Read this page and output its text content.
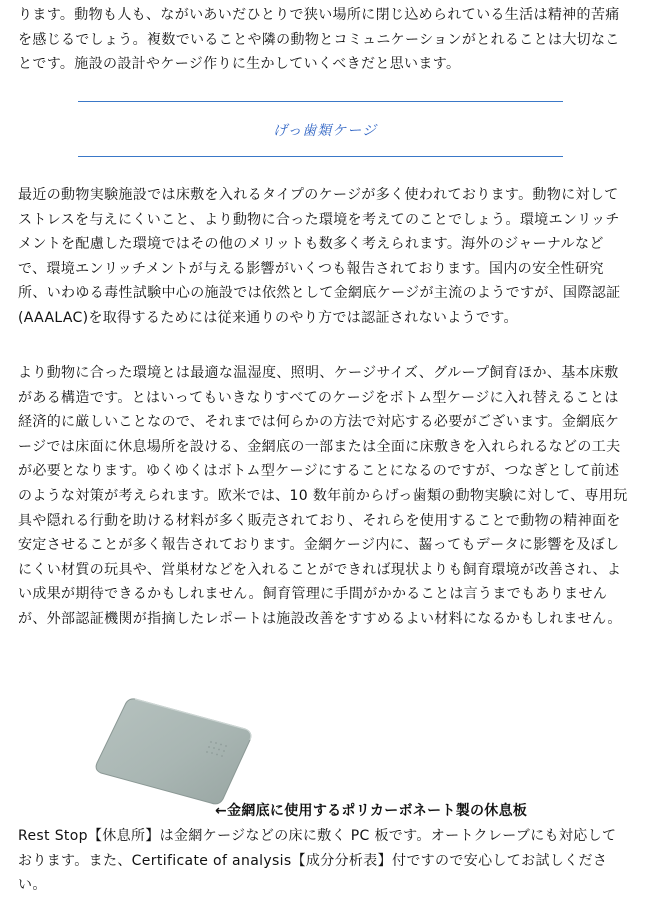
ります。動物も人も、ながいあいだひとりで狭い場所に閉じ込められている生活は精神的苦痛を感じるでしょう。複数でいることや隣の動物とコミュニケーションがとれることは大切なことです。施設の設計やケージ作りに生かしていくべきだと思います。

げっ歯類ケージ

最近の動物実験施設では床敷を入れるタイプのケージが多く使われております。動物に対してストレスを与えにくいこと、より動物に合った環境を考えてのことでしょう。環境エンリッチメントを配慮した環境ではその他のメリットも数多く考えられます。海外のジャーナルなどで、環境エンリッチメントが与える影響がいくつも報告されております。国内の安全性研究所、いわゆる毒性試験中心の施設では依然として金網底ケージが主流のようですが、国際認証(AAALAC)を取得するためには従来通りのやり方では認証されないようです。

より動物に合った環境とは最適な温湿度、照明、ケージサイズ、グループ飼育ほか、基本床敷がある構造です。とはいってもいきなりすべてのケージをボトム型ケージに入れ替えることは経済的に厳しいことなので、それまでは何らかの方法で対応する必要がございます。金網底ケージでは床面に休息場所を設ける、金網底の一部または全面に床敷きを入れられるなどの工夫が必要となります。ゆくゆくはボトム型ケージにすることになるのですが、つなぎとして前述のような対策が考えられます。欧米では、10 数年前からげっ歯類の動物実験に対して、専用玩具や隠れる行動を助ける材料が多く販売されており、それらを使用することで動物の精神面を安定させることが多く報告されております。金網ケージ内に、齧ってもデータに影響を及ぼしにくい材質の玩具や、営巣材などを入れることができれば現状よりも飼育環境が改善され、よい成果が期待できるかもしれません。飼育管理に手間がかかることは言うまでもありませんが、外部認証機関が指摘したレポートは施設改善をすすめるよい材料になるかもしれません。

←金網底に使用するポリカーボネート製の休息板

Rest Stop【休息所】は金網ケージなどの床に敷く PC 板です。オートクレーブにも対応しております。また、Certificate of analysis【成分分析表】付ですので安心してお試しください。
